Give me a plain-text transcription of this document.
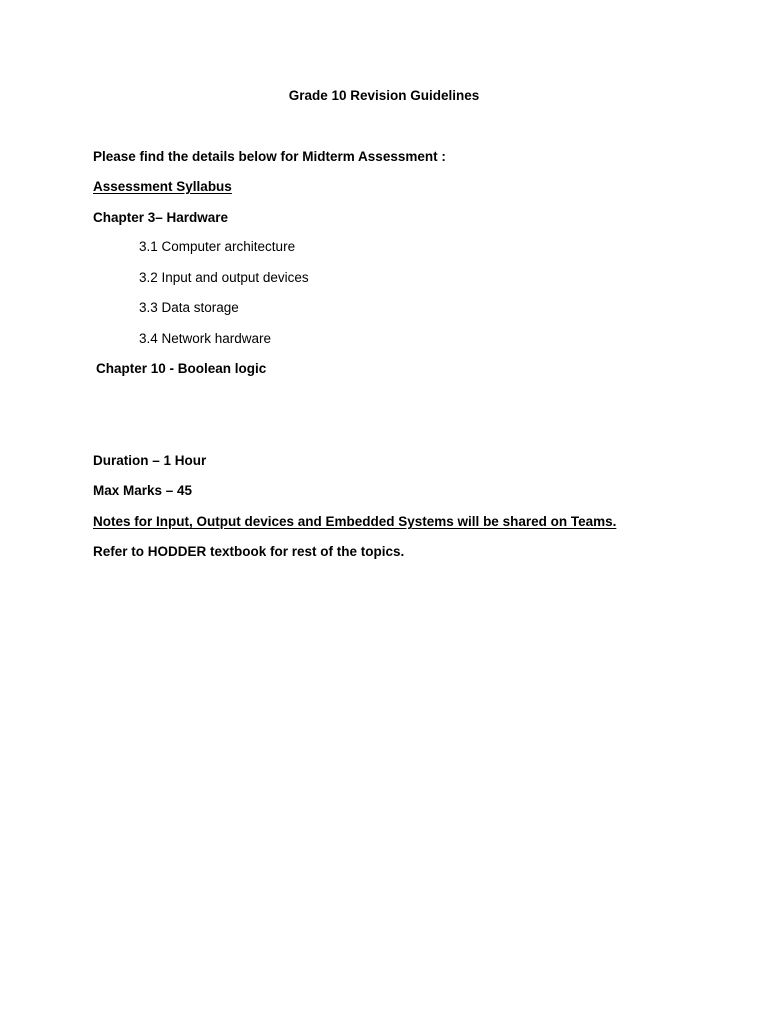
Grade 10 Revision Guidelines
Please find the details below for Midterm Assessment :
Assessment Syllabus
Chapter 3– Hardware
3.1 Computer architecture
3.2 Input and output devices
3.3 Data storage
3.4 Network hardware
Chapter 10 - Boolean logic
Duration – 1 Hour
Max Marks – 45
Notes for Input, Output devices and Embedded Systems will be shared on Teams.
Refer to HODDER textbook for rest of the topics.
